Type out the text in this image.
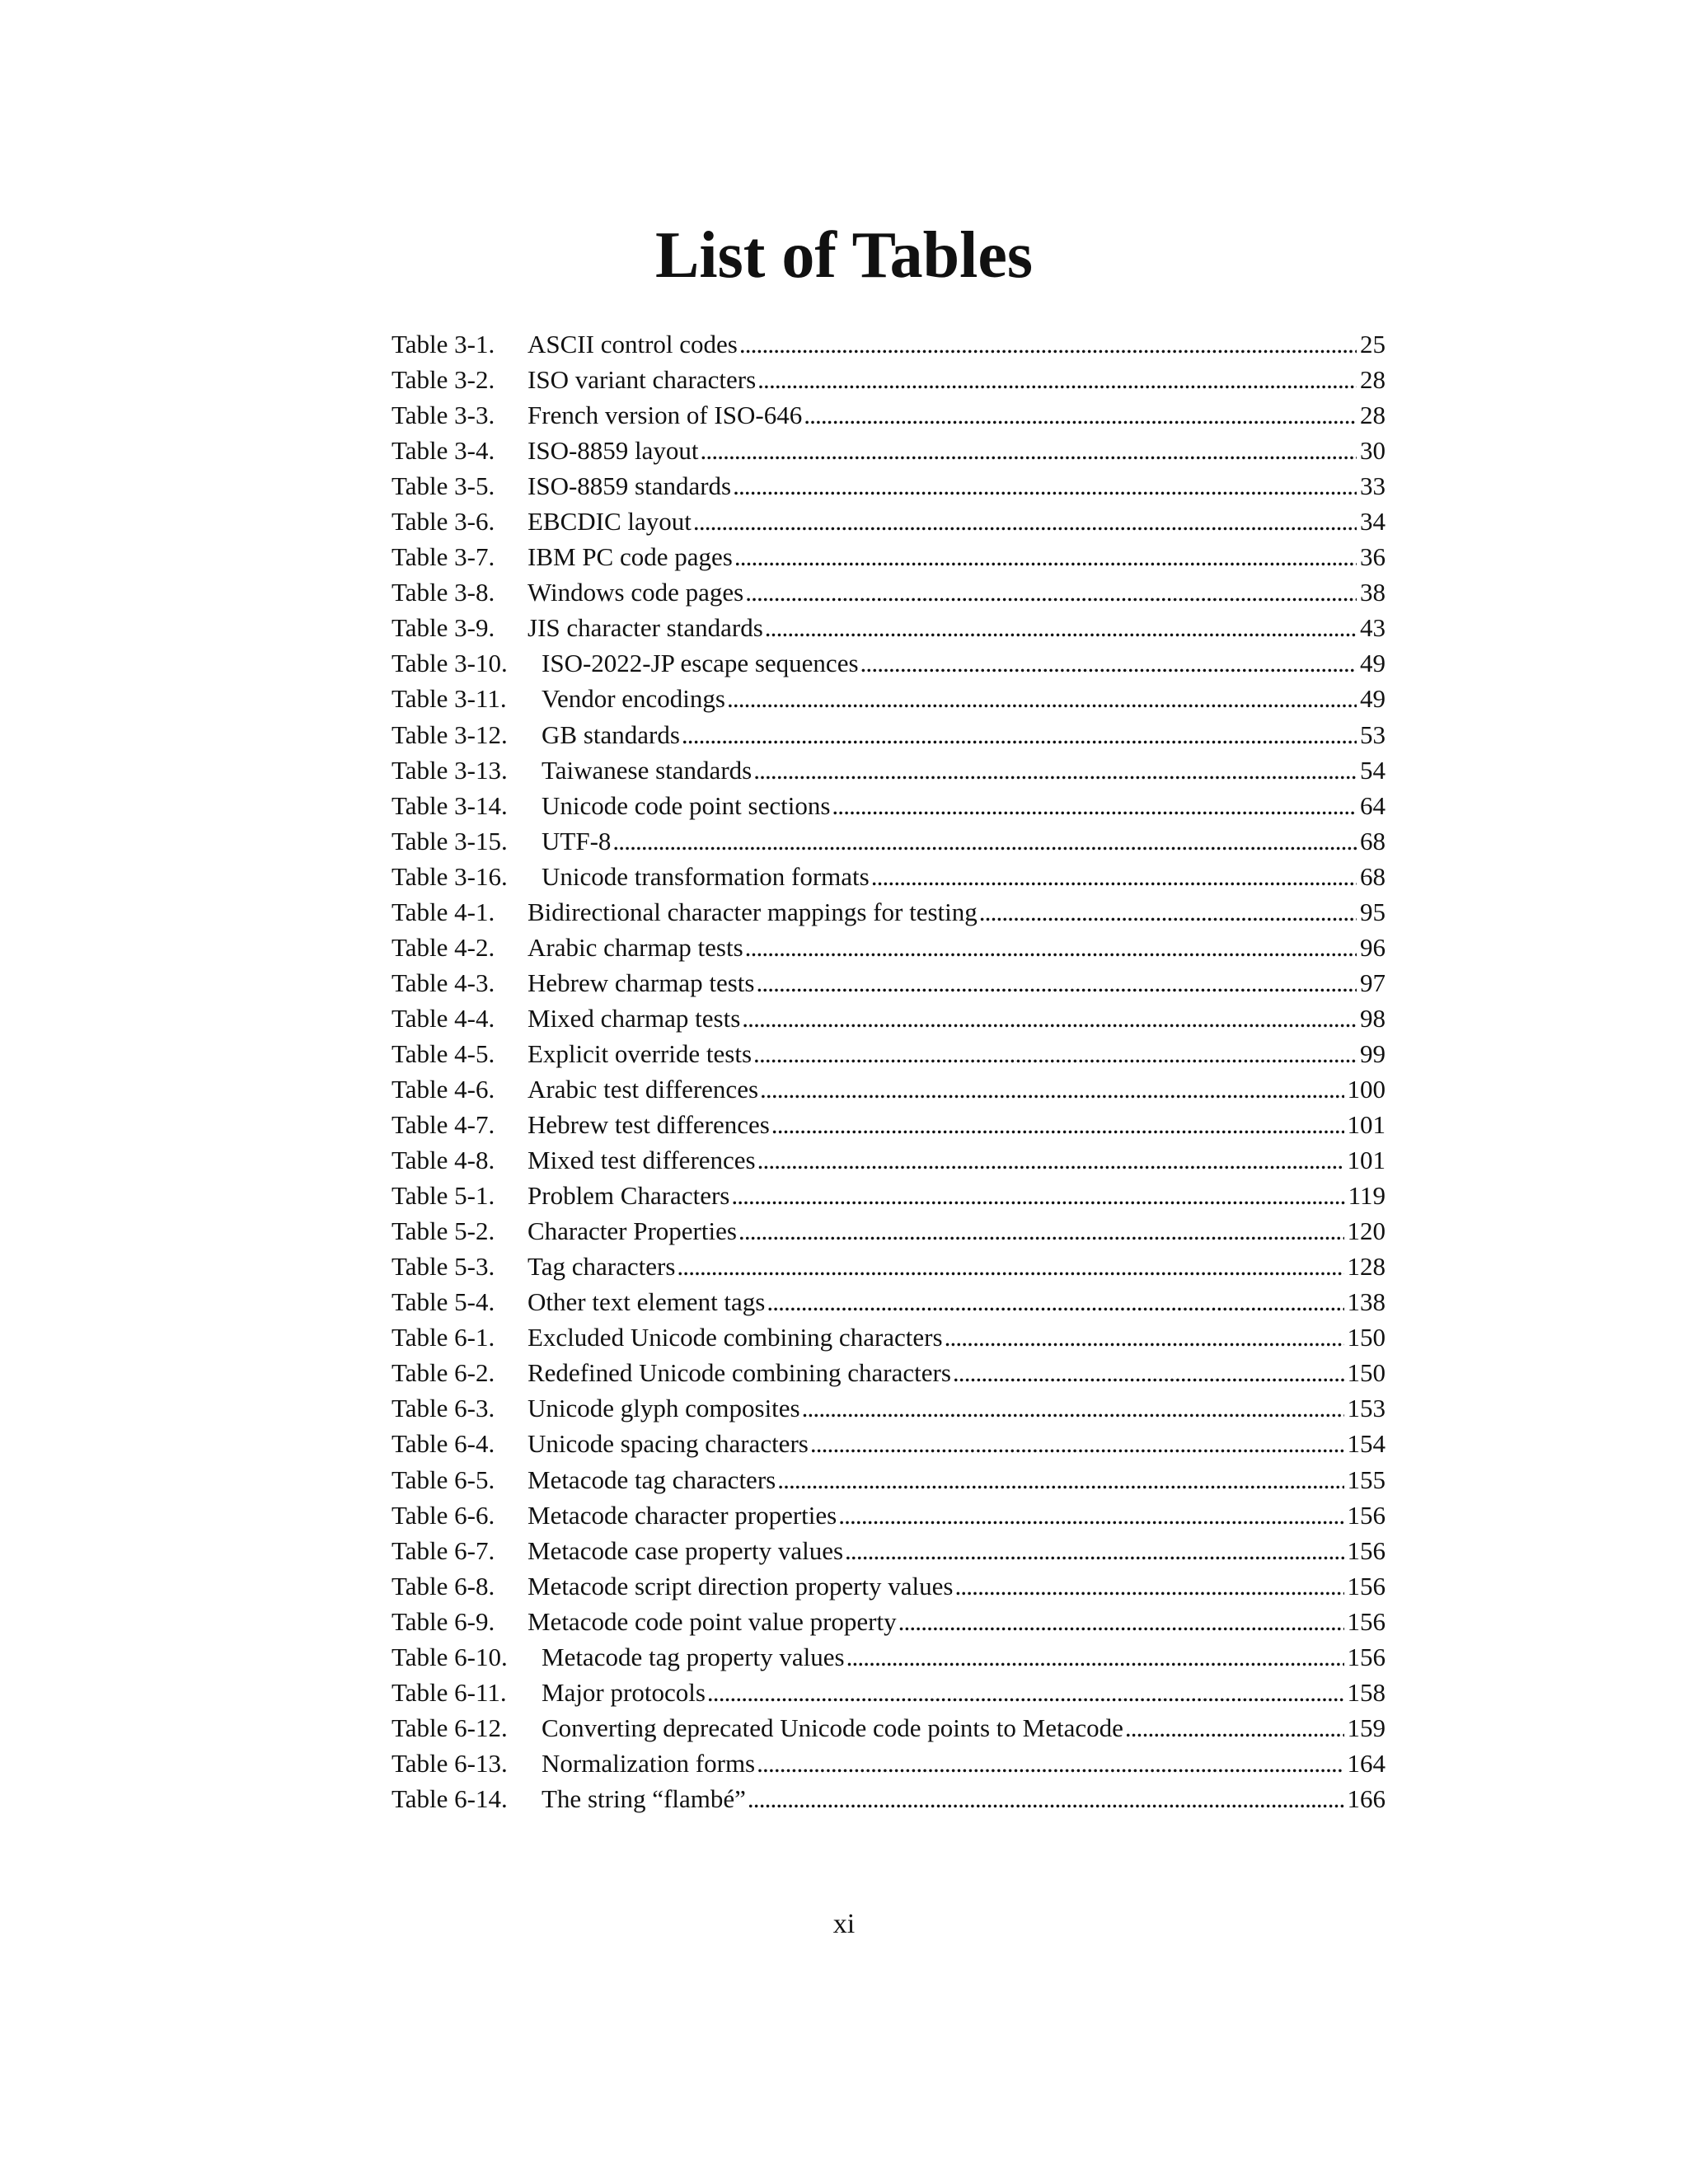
List of Tables
Table 3-1.	ASCII control codes . . .	25
Table 3-2.	ISO variant characters . . .	28
Table 3-3.	French version of ISO-646 . . .	28
Table 3-4.	ISO-8859 layout . . .	30
Table 3-5.	ISO-8859 standards . . .	33
Table 3-6.	EBCDIC layout . . .	34
Table 3-7.	IBM PC code pages . . .	36
Table 3-8.	Windows code pages . . .	38
Table 3-9.	JIS character standards . . .	43
Table 3-10.	ISO-2022-JP escape sequences . . .	49
Table 3-11.	Vendor encodings . . .	49
Table 3-12.	GB standards . . .	53
Table 3-13.	Taiwanese standards . . .	54
Table 3-14.	Unicode code point sections . . .	64
Table 3-15.	UTF-8 . . .	68
Table 3-16.	Unicode transformation formats . . .	68
Table 4-1.	Bidirectional character mappings for testing . . .	95
Table 4-2.	Arabic charmap tests . . .	96
Table 4-3.	Hebrew charmap tests . . .	97
Table 4-4.	Mixed charmap tests . . .	98
Table 4-5.	Explicit override tests . . .	99
Table 4-6.	Arabic test differences . . .	100
Table 4-7.	Hebrew test differences . . .	101
Table 4-8.	Mixed test differences . . .	101
Table 5-1.	Problem Characters . . .	119
Table 5-2.	Character Properties . . .	120
Table 5-3.	Tag characters . . .	128
Table 5-4.	Other text element tags . . .	138
Table 6-1.	Excluded Unicode combining characters . . .	150
Table 6-2.	Redefined Unicode combining characters . . .	150
Table 6-3.	Unicode glyph composites . . .	153
Table 6-4.	Unicode spacing characters . . .	154
Table 6-5.	Metacode tag characters . . .	155
Table 6-6.	Metacode character properties . . .	156
Table 6-7.	Metacode case property values . . .	156
Table 6-8.	Metacode script direction property values . . .	156
Table 6-9.	Metacode code point value property . . .	156
Table 6-10.	Metacode tag property values . . .	156
Table 6-11.	Major protocols . . .	158
Table 6-12.	Converting deprecated Unicode code points to Metacode . . .	159
Table 6-13.	Normalization forms . . .	164
Table 6-14.	The string “flambé” . . .	166
xi
